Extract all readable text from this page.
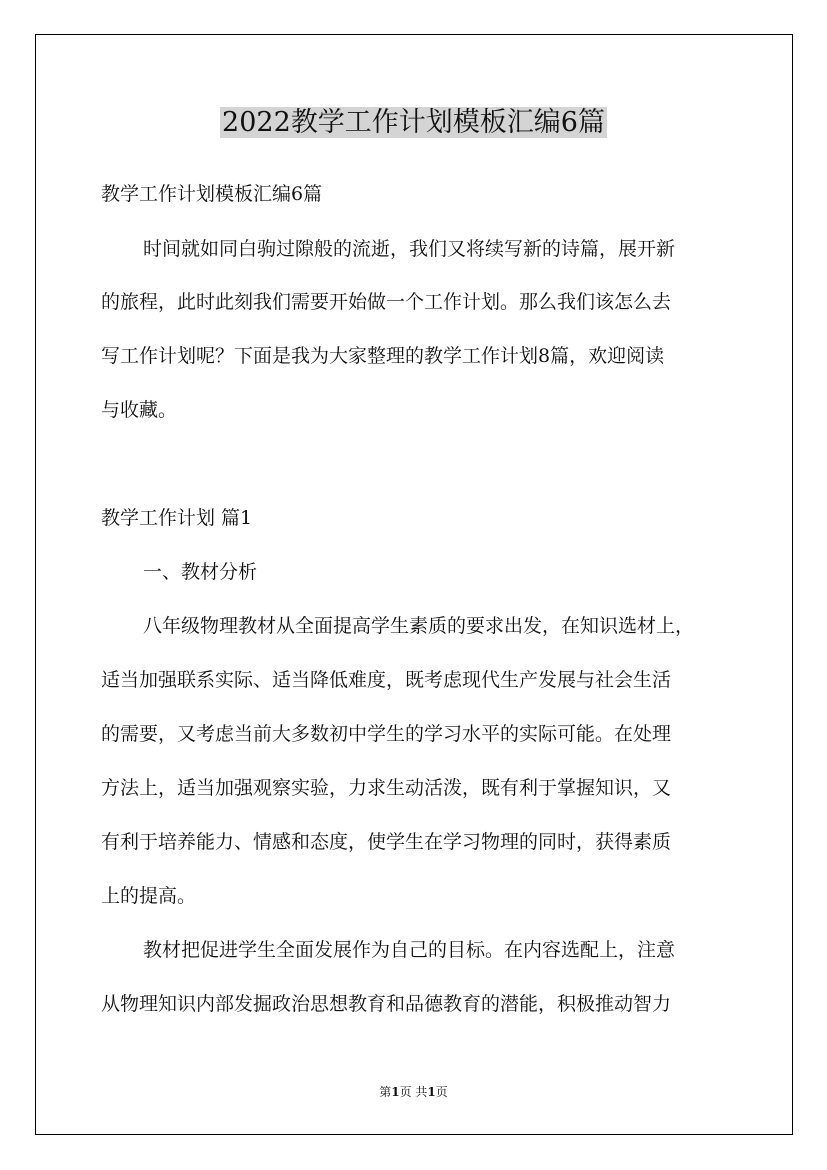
2022教学工作计划模板汇编6篇
教学工作计划模板汇编6篇
时间就如同白驹过隙般的流逝，我们又将续写新的诗篇，展开新
的旅程，此时此刻我们需要开始做一个工作计划。那么我们该怎么去
写工作计划呢？下面是我为大家整理的教学工作计划8篇，欢迎阅读
与收藏。
教学工作计划 篇1
一、教材分析
八年级物理教材从全面提高学生素质的要求出发，在知识选材上，
适当加强联系实际、适当降低难度，既考虑现代生产发展与社会生活
的需要，又考虑当前大多数初中学生的学习水平的实际可能。在处理
方法上，适当加强观察实验，力求生动活泼，既有利于掌握知识，又
有利于培养能力、情感和态度，使学生在学习物理的同时，获得素质
上的提高。
教材把促进学生全面发展作为自己的目标。在内容选配上，注意
从物理知识内部发掘政治思想教育和品德教育的潜能，积极推动智力
第1页 共1页
